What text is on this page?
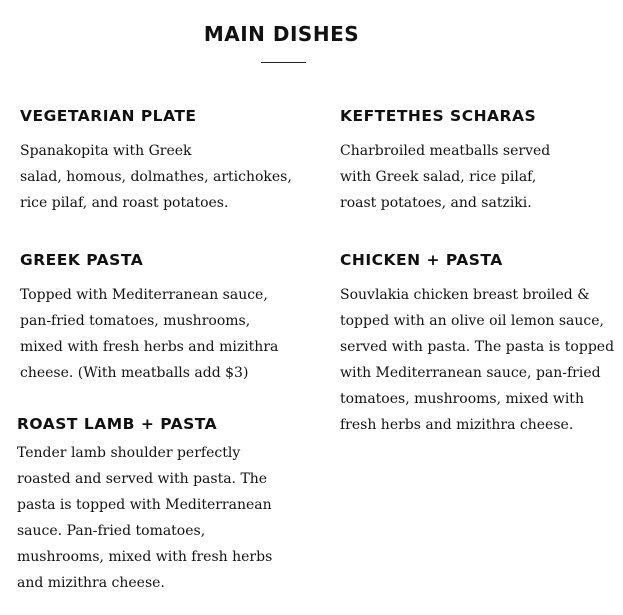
MAIN DISHES
VEGETARIAN PLATE

Spanakopita with Greek
salad, homous, dolmathes, artichokes,
rice pilaf, and roast potatoes.

KEFTETHES SCHARAS

Charbroiled meatballs served
with Greek salad, rice pilaf,
roast potatoes, and satziki.

GREEK PASTA

Topped with Mediterranean sauce,
pan-fried tomatoes, mushrooms,
mixed with fresh herbs and mizithra
cheese. (With meatballs add $3)

CHICKEN + PASTA

Souvlakia chicken breast broiled &
topped with an olive oil lemon sauce,
served with pasta. The pasta is topped
with Mediterranean sauce, pan-fried
tomatoes, mushrooms, mixed with
fresh herbs and mizithra cheese.

ROAST LAMB + PASTA

Tender lamb shoulder perfectly
roasted and served with pasta. The
pasta is topped with Mediterranean
sauce. Pan-fried tomatoes,
mushrooms, mixed with fresh herbs
and mizithra cheese.
